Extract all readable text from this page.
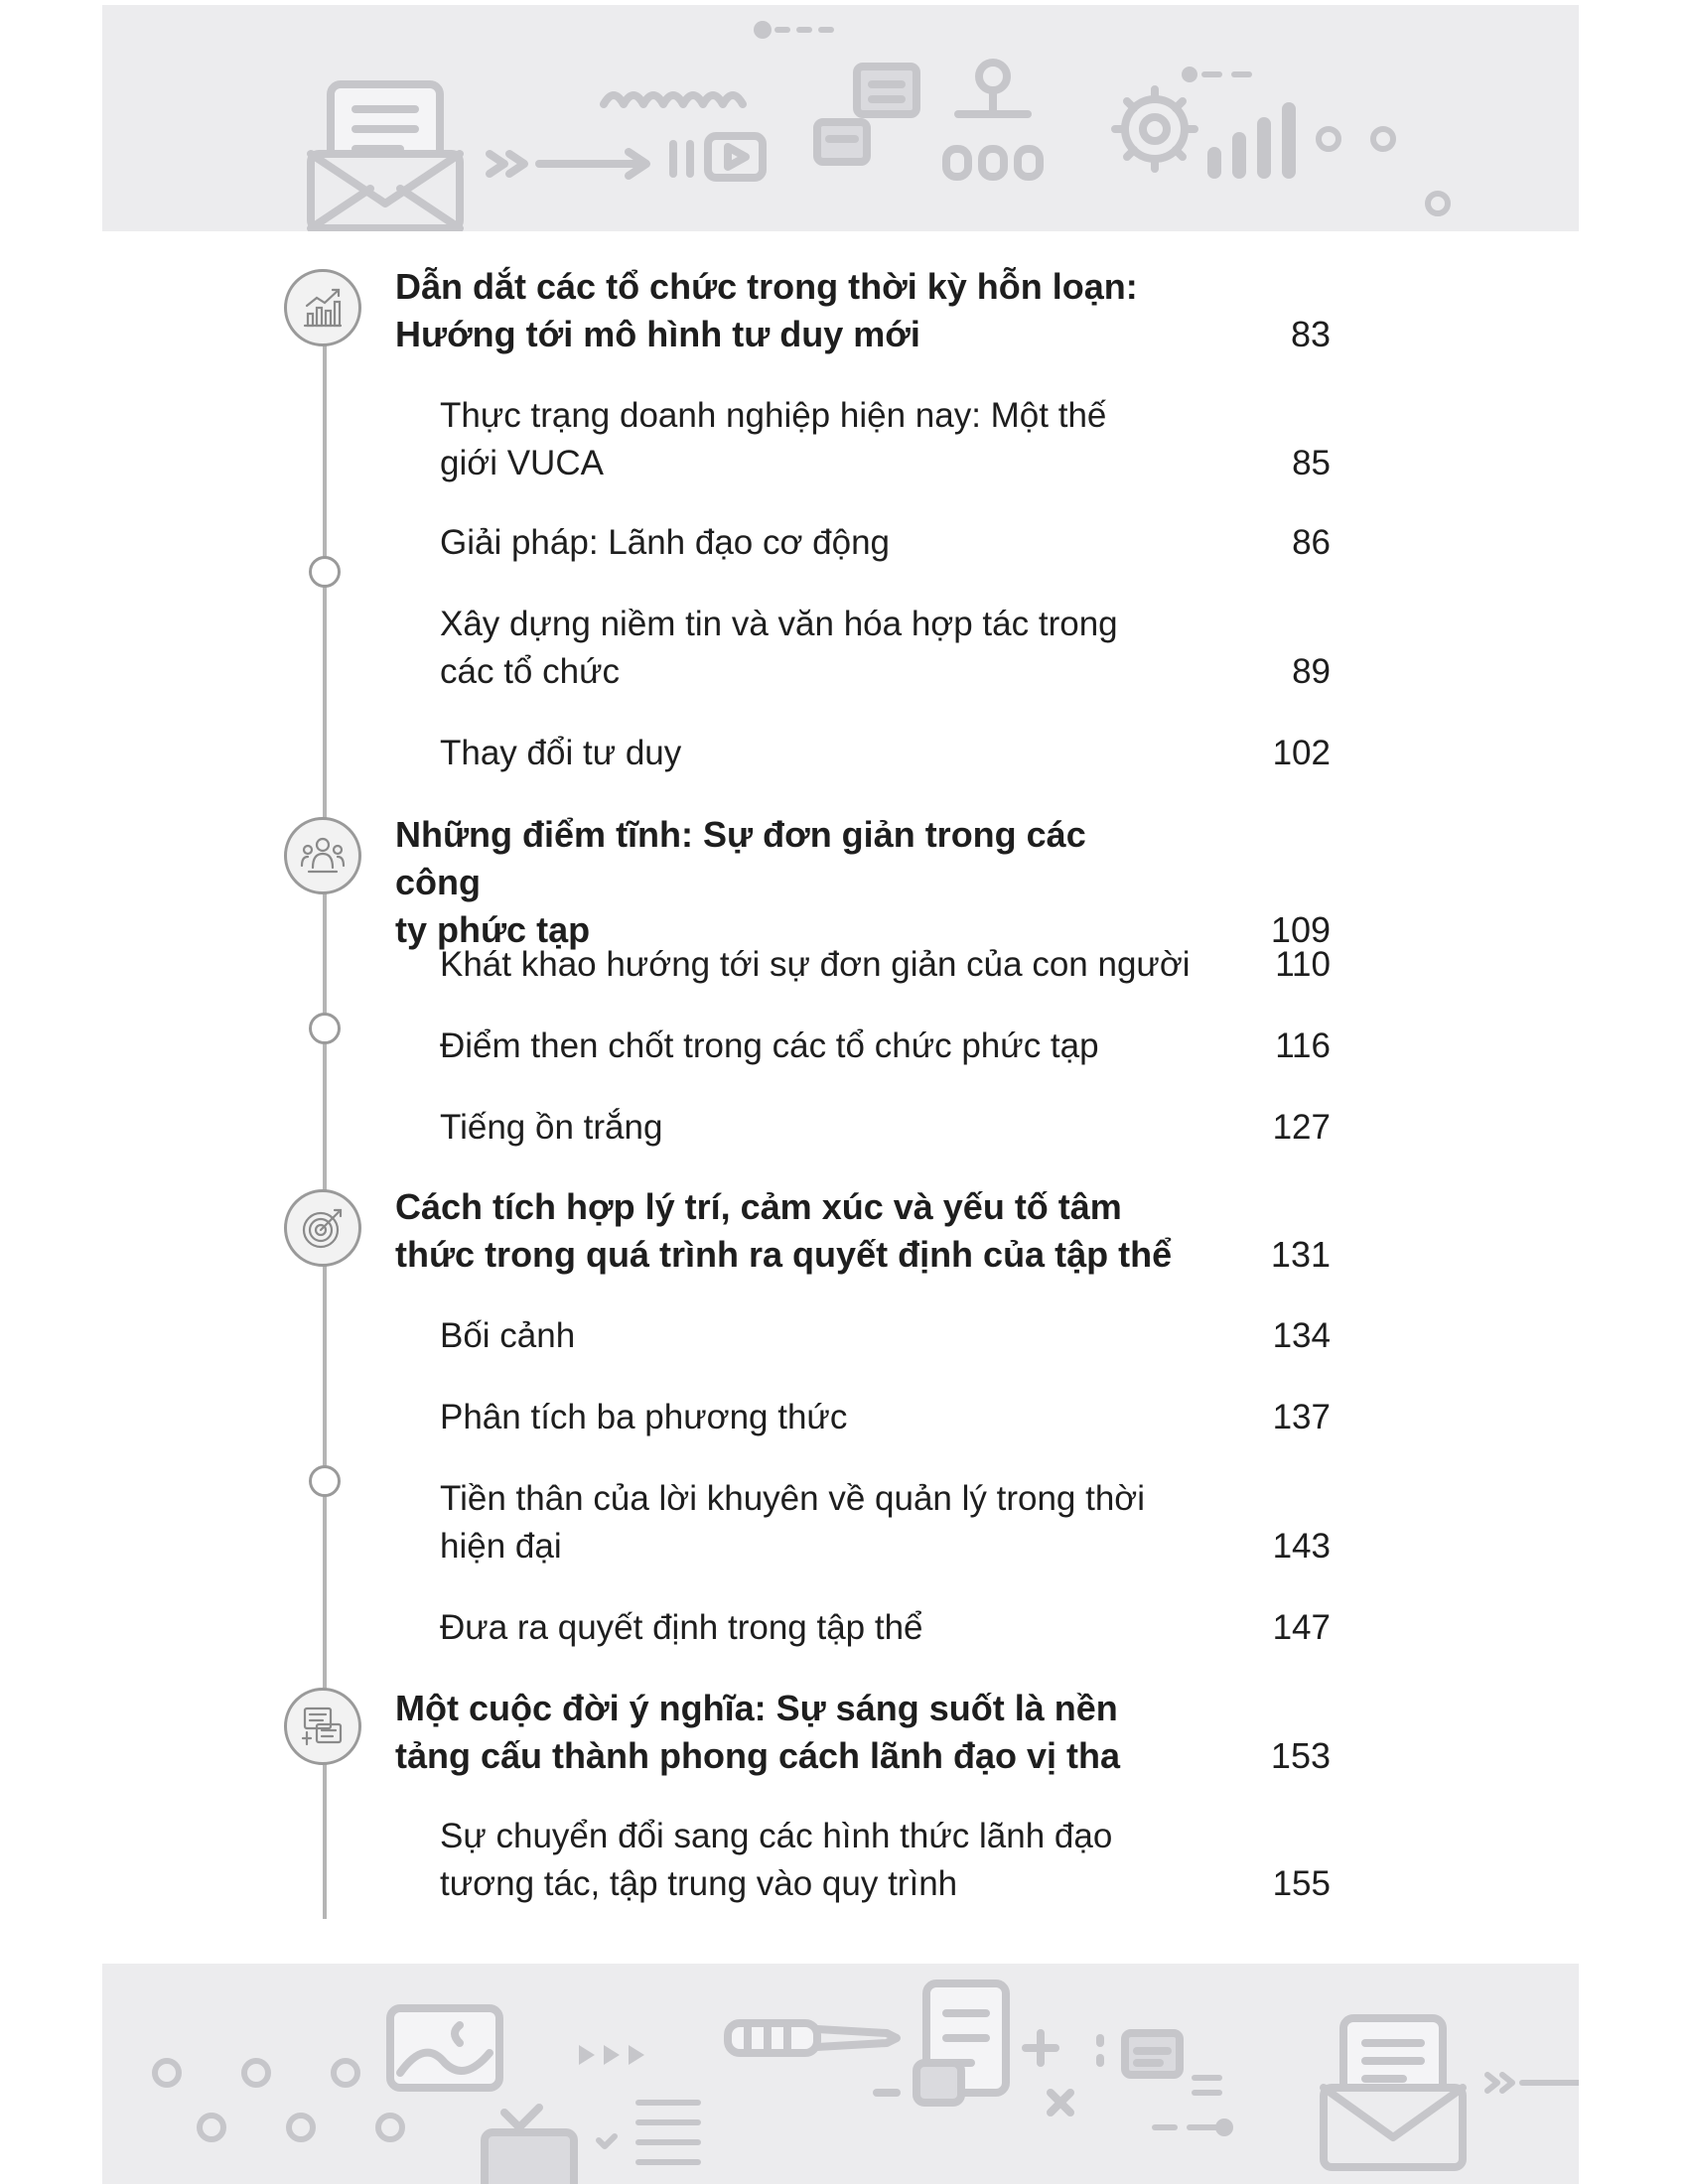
Dẫn dắt các tổ chức trong thời kỳ hỗn loạn:
Hướng tới mô hình tư duy mới	83
Thực trạng doanh nghiệp hiện nay: Một thế
giới VUCA	85
Giải pháp: Lãnh đạo cơ động	86
Xây dựng niềm tin và văn hóa hợp tác trong
các tổ chức	89
Thay đổi tư duy	102
Những điểm tĩnh: Sự đơn giản trong các công
ty phức tạp	109
Khát khao hướng tới sự đơn giản của con người	110
Điểm then chốt trong các tổ chức phức tạp	116
Tiếng ồn trắng	127
Cách tích hợp lý trí, cảm xúc và yếu tố tâm
thức trong quá trình ra quyết định của tập thể	131
Bối cảnh	134
Phân tích ba phương thức	137
Tiền thân của lời khuyên về quản lý trong thời
hiện đại	143
Đưa ra quyết định trong tập thể	147
Một cuộc đời ý nghĩa: Sự sáng suốt là nền
tảng cấu thành phong cách lãnh đạo vị tha	153
Sự chuyển đổi sang các hình thức lãnh đạo
tương tác, tập trung vào quy trình	155
